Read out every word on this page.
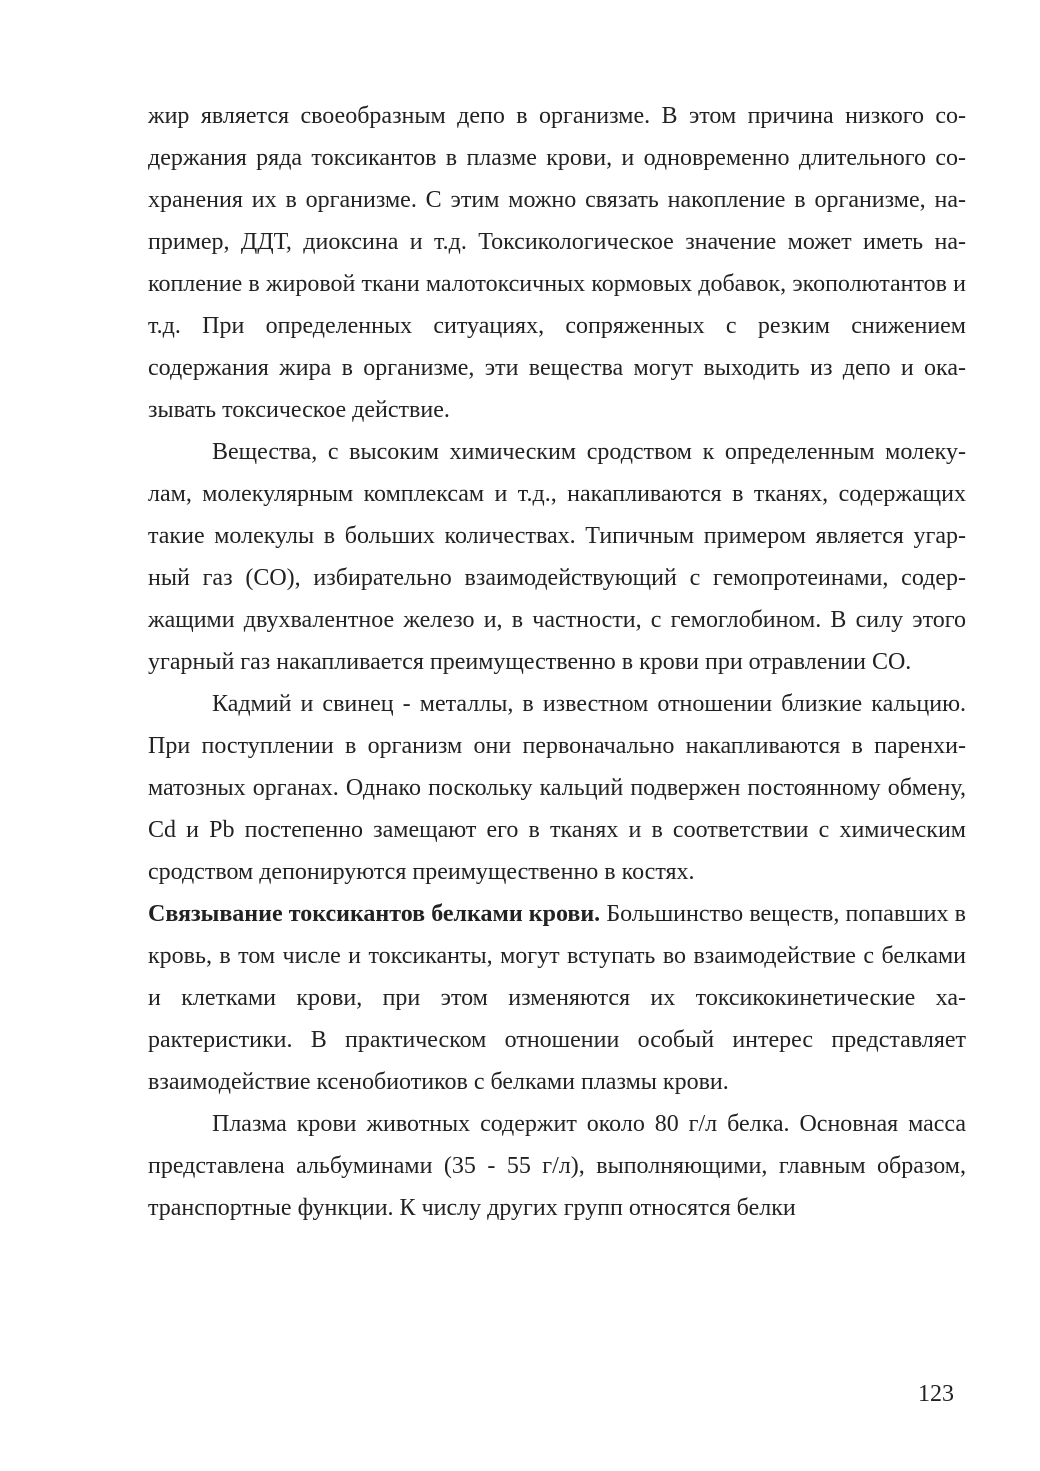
жир является своеобразным депо в организме. В этом причина низкого содержания ряда токсикантов в плазме крови, и одновременно длительного сохранения их в организме. С этим можно связать накопление в организме, например, ДДТ, диоксина и т.д. Токсикологическое значение может иметь накопление в жировой ткани малотоксичных кормовых добавок, экополютантов и т.д. При определенных ситуациях, сопряженных с резким снижением содержания жира в организме, эти вещества могут выходить из депо и оказывать токсическое действие.

Вещества, с высоким химическим сродством к определенным молекулам, молекулярным комплексам и т.д., накапливаются в тканях, содержащих такие молекулы в больших количествах. Типичным примером является угарный газ (СО), избирательно взаимодействующий с гемопротеинами, содержащими двухвалентное железо и, в частности, с гемоглобином. В силу этого угарный газ накапливается преимущественно в крови при отравлении СО.

Кадмий и свинец - металлы, в известном отношении близкие кальцию. При поступлении в организм они первоначально накапливаются в паренхиматозных органах. Однако поскольку кальций подвержен постоянному обмену, Cd и Pb постепенно замещают его в тканях и в соответствии с химическим сродством депонируются преимущественно в костях.

Связывание токсикантов белками крови. Большинство веществ, попавших в кровь, в том числе и токсиканты, могут вступать во взаимодействие с белками и клетками крови, при этом изменяются их токсикокинетические характеристики. В практическом отношении особый интерес представляет взаимодействие ксенобиотиков с белками плазмы крови.

Плазма крови животных содержит около 80 г/л белка. Основная масса представлена альбуминами (35 - 55 г/л), выполняющими, главным образом, транспортные функции. К числу других групп относятся белки

123
